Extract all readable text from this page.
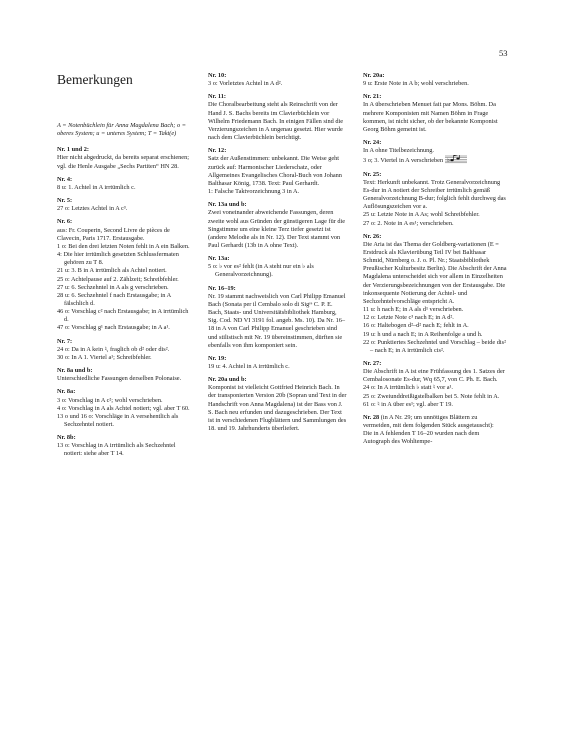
53
Bemerkungen

A = Notenbüchlein für Anna Magdalena Bach; o = oberes System; u = unteres System; T = Takt(e)

Nr. 1 und 2:

Hier nicht abgedruckt, da bereits separat erschienen; vgl. die Henle Ausgabe „Sechs Partiten“ HN 28.

Nr. 4:

8 u: 1. Achtel in A irrtümlich c.

Nr. 5:

27 o: Letztes Achtel in A c³.

Nr. 6:

aus: Fr. Couperin, Second Livre de pièces de Clavecin, Paris 1717. Erstausgabe.

1 o: Bei den drei letzten Noten fehlt in A ein Balken.

4: Die hier irrtümlich gesetzten Schlussfermaten gehören zu T 8.

21 u: 3. B in A irrtümlich als Achtel notiert.

25 o: Achtelpause auf 2. Zählzeit; Schreibfehler.

27 u: 6. Sechzehntel in A als g verschrieben.

28 u: 6. Sechzehntel f nach Erstausgabe; in A fälschlich d.

46 o: Vorschlag c² nach Erstausgabe; in A irrtümlich d.

47 o: Vorschlag g¹ nach Erstausgabe; in A a¹.

Nr. 7:

24 o: Da in A kein ♮, fraglich ob d² oder dis².

30 o: In A 1. Viertel a¹; Schreibfehler.

Nr. 8a und b:

Unterschiedliche Fassungen derselben Polonaise.

Nr. 8a:

3 o: Vorschlag in A c²; wohl verschrieben.

4 o: Vorschlag in A als Achtel notiert; vgl. aber T 60.

13 o und 16 o: Vorschläge in A versehentlich als Sechzehntel notiert.

Nr. 8b:

13 o: Vorschlag in A irrtümlich als Sechzehntel notiert: siehe aber T 14.

Nr. 10:

3 o: Vorletztes Achtel in A d².

Nr. 11:

Die Choralbearbeitung steht als Reinschrift von der Hand J. S. Bachs bereits im Clavierbüchlein vor Wilhelm Friedemann Bach. In einigen Fällen sind die Verzierungszeichen in A ungenau gesetzt. Hier wurde nach dem Clavierbüchlein berichtigt.

Nr. 12:

Satz der Außenstimmen: unbekannt. Die Weise geht zurück auf: Harmonischer Liederschatz, oder Allgemeines Evangelisches Choral-Buch von Johann Balthasar König, 1738. Text: Paul Gerhardt.

1: Falsche Taktvorzeichnung 3 in A.

Nr. 13a und b:

Zwei voneinander abweichende Fassungen, deren zweite wohl aus Gründen der günstigeren Lage für die Singstimme um eine kleine Terz tiefer gesetzt ist (andere Melodie als in Nr. 12). Der Text stammt von Paul Gerhardt (13b in A ohne Text).

Nr. 13a:

5 o: ♭ vor es² fehlt (in A steht nur ein ♭ als Generalvorzeichnung).

Nr. 16–19:

Nr. 19 stammt nachweislich von Carl Philipp Emanuel Bach (Sonata per il Cembalo solo di Sigʳᵉ C. P. E. Bach, Staats- und Universitätsbibliothek Hamburg, Sig. Cod. ND VI 3191 fol. angeb. Ms. 10). Da Nr. 16–18 in A von Carl Philipp Emanuel geschrieben sind und stilistisch mit Nr. 19 übereinstimmen, dürften sie ebenfalls von ihm komponiert sein.

Nr. 19:

19 u: 4. Achtel in A irrtümlich c.

Nr. 20a und b:

Komponist ist vielleicht Gottfried Heinrich Bach. In der transponierten Version 20b (Sopran und Text in der Handschrift von Anna Magdalena) ist der Bass von J. S. Bach neu erfunden und dazugeschrieben. Der Text ist in verschiedenen Flugblättern und Sammlungen des 18. und 19. Jahrhunderts überliefert.

Nr. 20a:

9 u: Erste Note in A b; wohl verschrieben.

Nr. 21:

In A überschrieben Menuet fait par Mons. Böhm. Da mehrere Komponisten mit Namen Böhm in Frage kommen, ist nicht sicher, ob der bekannte Komponist Georg Böhm gemeint ist.

Nr. 24:

In A ohne Titelbezeichnung.

3 o; 3. Viertel in A verschrieben ♭

Nr. 25:

Text: Herkunft unbekannt. Trotz Generalvorzeichnung Es-dur in A notiert der Schreiber irrtümlich gemäß Generalvorzeichnung B-dur; folglich fehlt durchweg das Auflösungszeichen vor a.

25 u: Letzte Note in A As; wohl Schreibfehler.

27 o: 2. Note in A es¹; verschrieben.

Nr. 26:

Die Aria ist das Thema der Goldberg-variationen (E = Erstdruck als Klavierübung Teil IV bei Balthasar Schmid, Nürnberg o. J. o. Pl. Nr.; Staatsbibliothek Preußischer Kulturbesitz Berlin). Die Abschrift der Anna Magdalena unterscheidet sich vor allem in Einzelheiten der Verzierungsbezeichnungen von der Erstausgabe. Die inkonsequente Notierung der Achtel- und Sechzehntelvorschläge entspricht A.

11 u: h nach E; in A als d¹ verschrieben.

12 o: Letzte Note c³ nach E; in A d².

16 o: Haltebogen d²–d² nach E; fehlt in A.

19 u: h und a nach E; in A Reihenfolge a und h.

22 o: Punktiertes Sechzehntel und Vorschlag – beide dis² – nach E; in A irrtümlich cis².

Nr. 27:

Die Abschrift in A ist eine Frühfassung des 1. Satzes der Cembalosonate Es-dur, Wq 65,7, von C. Ph. E. Bach.

24 o: In A irrtümlich ♭ statt ♮ vor a¹.

25 o: Zweiunddreißigstelbalken bei 5. Note fehlt in A.

61 o: ♮ in A über es¹; vgl. aber T 19.

Nr. 28 (in A Nr. 29; um unnötiges Blättern zu vermeiden, mit dem folgenden Stück ausgetauscht):

Die in A fehlenden T 16–20 wurden nach dem Autograph des Wohltempe-
